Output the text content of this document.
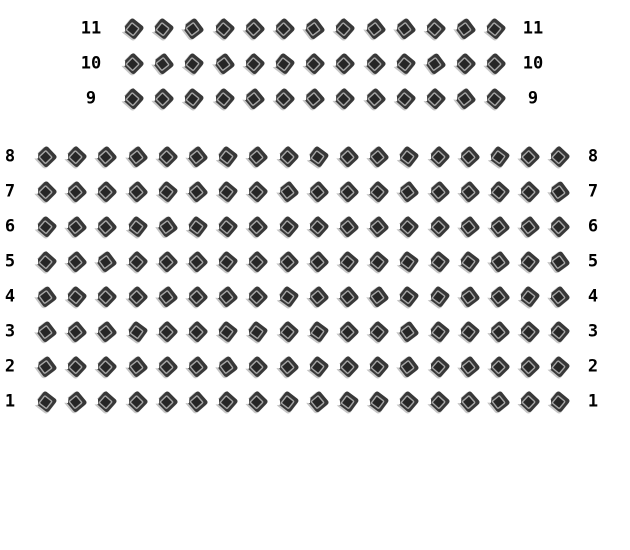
11	11
10	10
9	9
8	8
7	7
6	6
5	5
4	4
3	3
2	2
1	1
